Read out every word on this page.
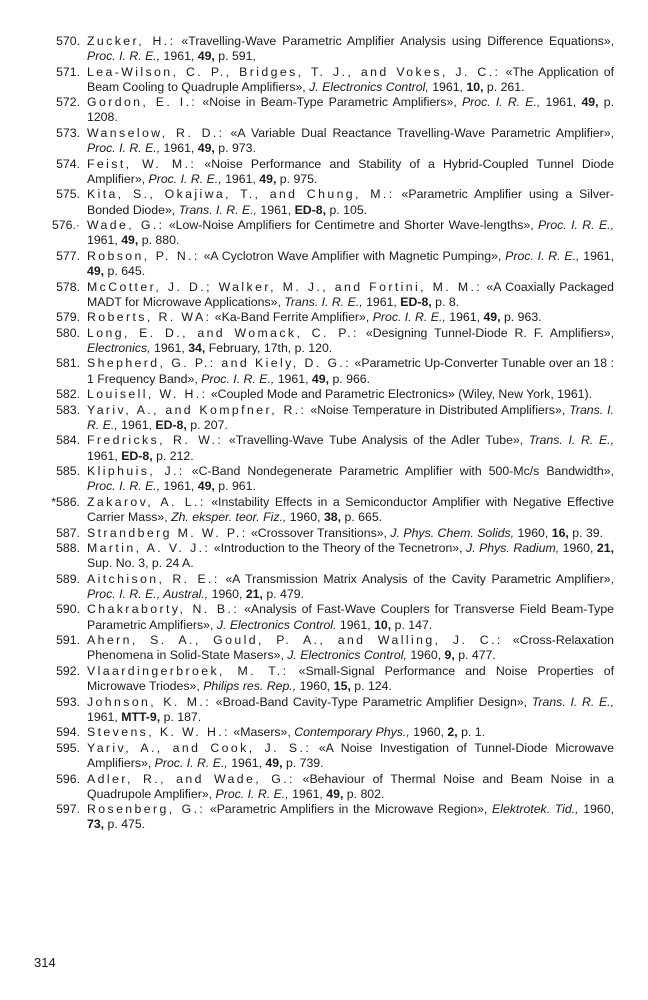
570. Zucker, H.: «Travelling-Wave Parametric Amplifier Analysis using Difference Equations», Proc. I. R. E., 1961, 49, p. 591,
571. Lea-Wilson, C. P., Bridges, T. J., and Vokes, J. C.: «The Application of Beam Cooling to Quadruple Amplifiers», J. Electronics Control, 1961, 10, p. 261.
572. Gordon, E. I.: «Noise in Beam-Type Parametric Amplifiers», Proc. I. R. E., 1961, 49, p. 1208.
573. Wanselow, R. D.: «A Variable Dual Reactance Travelling-Wave Parametric Amplifier», Proc. I. R. E., 1961, 49, p. 973.
574. Feist, W. M.: «Noise Performance and Stability of a Hybrid-Coupled Tunnel Diode Amplifier», Proc. I. R. E., 1961, 49, p. 975.
575. Kita, S., Okajiwa, T., and Chung, M.: «Parametric Amplifier using a Silver-Bonded Diode», Trans. I. R. E., 1961, ED-8, p. 105.
576.· Wade, G.: «Low-Noise Amplifiers for Centimetre and Shorter Wave-lengths», Proc. I. R. E., 1961, 49, p. 880.
577. Robson, P. N.: «A Cyclotron Wave Amplifier with Magnetic Pumping», Proc. I. R. E., 1961, 49, p. 645.
578. McCotter, J. D.; Walker, M. J., and Fortini, M. M.: «A Coaxially Packaged MADT for Microwave Applications», Trans. I. R. E., 1961, ED-8, p. 8.
579. Roberts, R. WA: «Ka-Band Ferrite Amplifier», Proc. I. R. E., 1961, 49, p. 963.
580. Long, E. D., and Womack, C. P.: «Designing Tunnel-Diode R. F. Amplifiers», Electronics, 1961, 34, February, 17th, p. 120.
581. Shepherd, G. P.: and Kiely, D. G.: «Parametric Up-Converter Tunable over an 18 : 1 Frequency Band», Proc. I. R. E., 1961, 49, p. 966.
582. Louisell, W. H.: «Coupled Mode and Parametric Electronics» (Wiley, New York, 1961).
583. Yariv, A., and Kompfner, R.: «Noise Temperature in Distributed Amplifiers», Trans. I. R. E., 1961, ED-8, p. 207.
584. Fredricks, R. W.: «Travelling-Wave Tube Analysis of the Adler Tube», Trans. I. R. E., 1961, ED-8, p. 212.
585. Kliphuis, J.: «C-Band Nondegenerate Parametric Amplifier with 500-Mc/s Bandwidth», Proc. I. R. E., 1961, 49, p. 961.
*586. Zakarov, A. L.: «Instability Effects in a Semiconductor Amplifier with Negative Effective Carrier Mass», Zh. eksper. teor. Fiz., 1960, 38, p. 665.
587. Strandberg M. W. P.: «Crossover Transitions», J. Phys. Chem. Solids, 1960, 16, p. 39.
588. Martin, A. V. J.: «Introduction to the Theory of the Tecnetron», J. Phys. Radium, 1960, 21, Sup. No. 3, p. 24 A.
589. Aitchison, R. E.: «A Transmission Matrix Analysis of the Cavity Parametric Amplifier», Proc. I. R. E., Austral., 1960, 21, p. 479.
590. Chakraborty, N. B.: «Analysis of Fast-Wave Couplers for Transverse Field Beam-Type Parametric Amplifiers», J. Electronics Control. 1961, 10, p. 147.
591. Ahern, S. A., Gould, P. A., and Walling, J. C.: «Cross-Relaxation Phenomena in Solid-State Masers», J. Electronics Control, 1960, 9, p. 477.
592. Vlaardingerbroek, M. T.: «Small-Signal Performance and Noise Properties of Microwave Triodes», Philips res. Rep., 1960, 15, p. 124.
593. Johnson, K. M.: «Broad-Band Cavity-Type Parametric Amplifier Design», Trans. I. R. E., 1961, MTT-9, p. 187.
594. Stevens, K. W. H.: «Masers», Contemporary Phys., 1960, 2, p. 1.
595. Yariv, A., and Cook, J. S.: «A Noise Investigation of Tunnel-Diode Microwave Amplifiers», Proc. I. R. E., 1961, 49, p. 739.
596. Adler, R., and Wade, G.: «Behaviour of Thermal Noise and Beam Noise in a Quadrupole Amplifier», Proc. I. R. E., 1961, 49, p. 802.
597. Rosenberg, G.: «Parametric Amplifiers in the Microwave Region», Elektrotek. Tid., 1960, 73, p. 475.
314
